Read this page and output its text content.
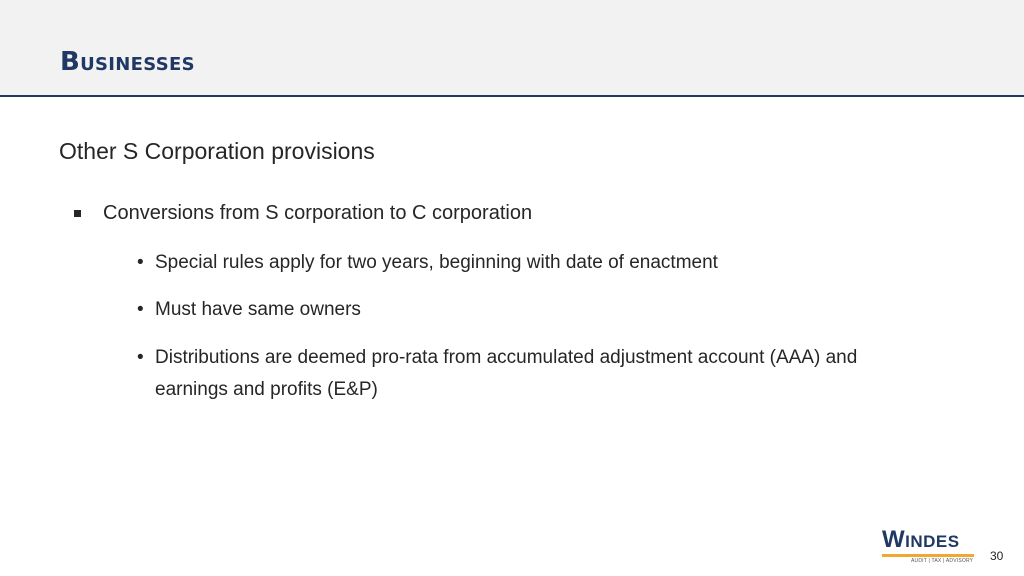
Businesses
Other S Corporation provisions
Conversions from S corporation to C corporation
• Special rules apply for two years, beginning with date of enactment
• Must have same owners
• Distributions are deemed pro-rata from accumulated adjustment account (AAA) and earnings and profits (E&P)
Windes
AUDIT | TAX | ADVISORY 30
